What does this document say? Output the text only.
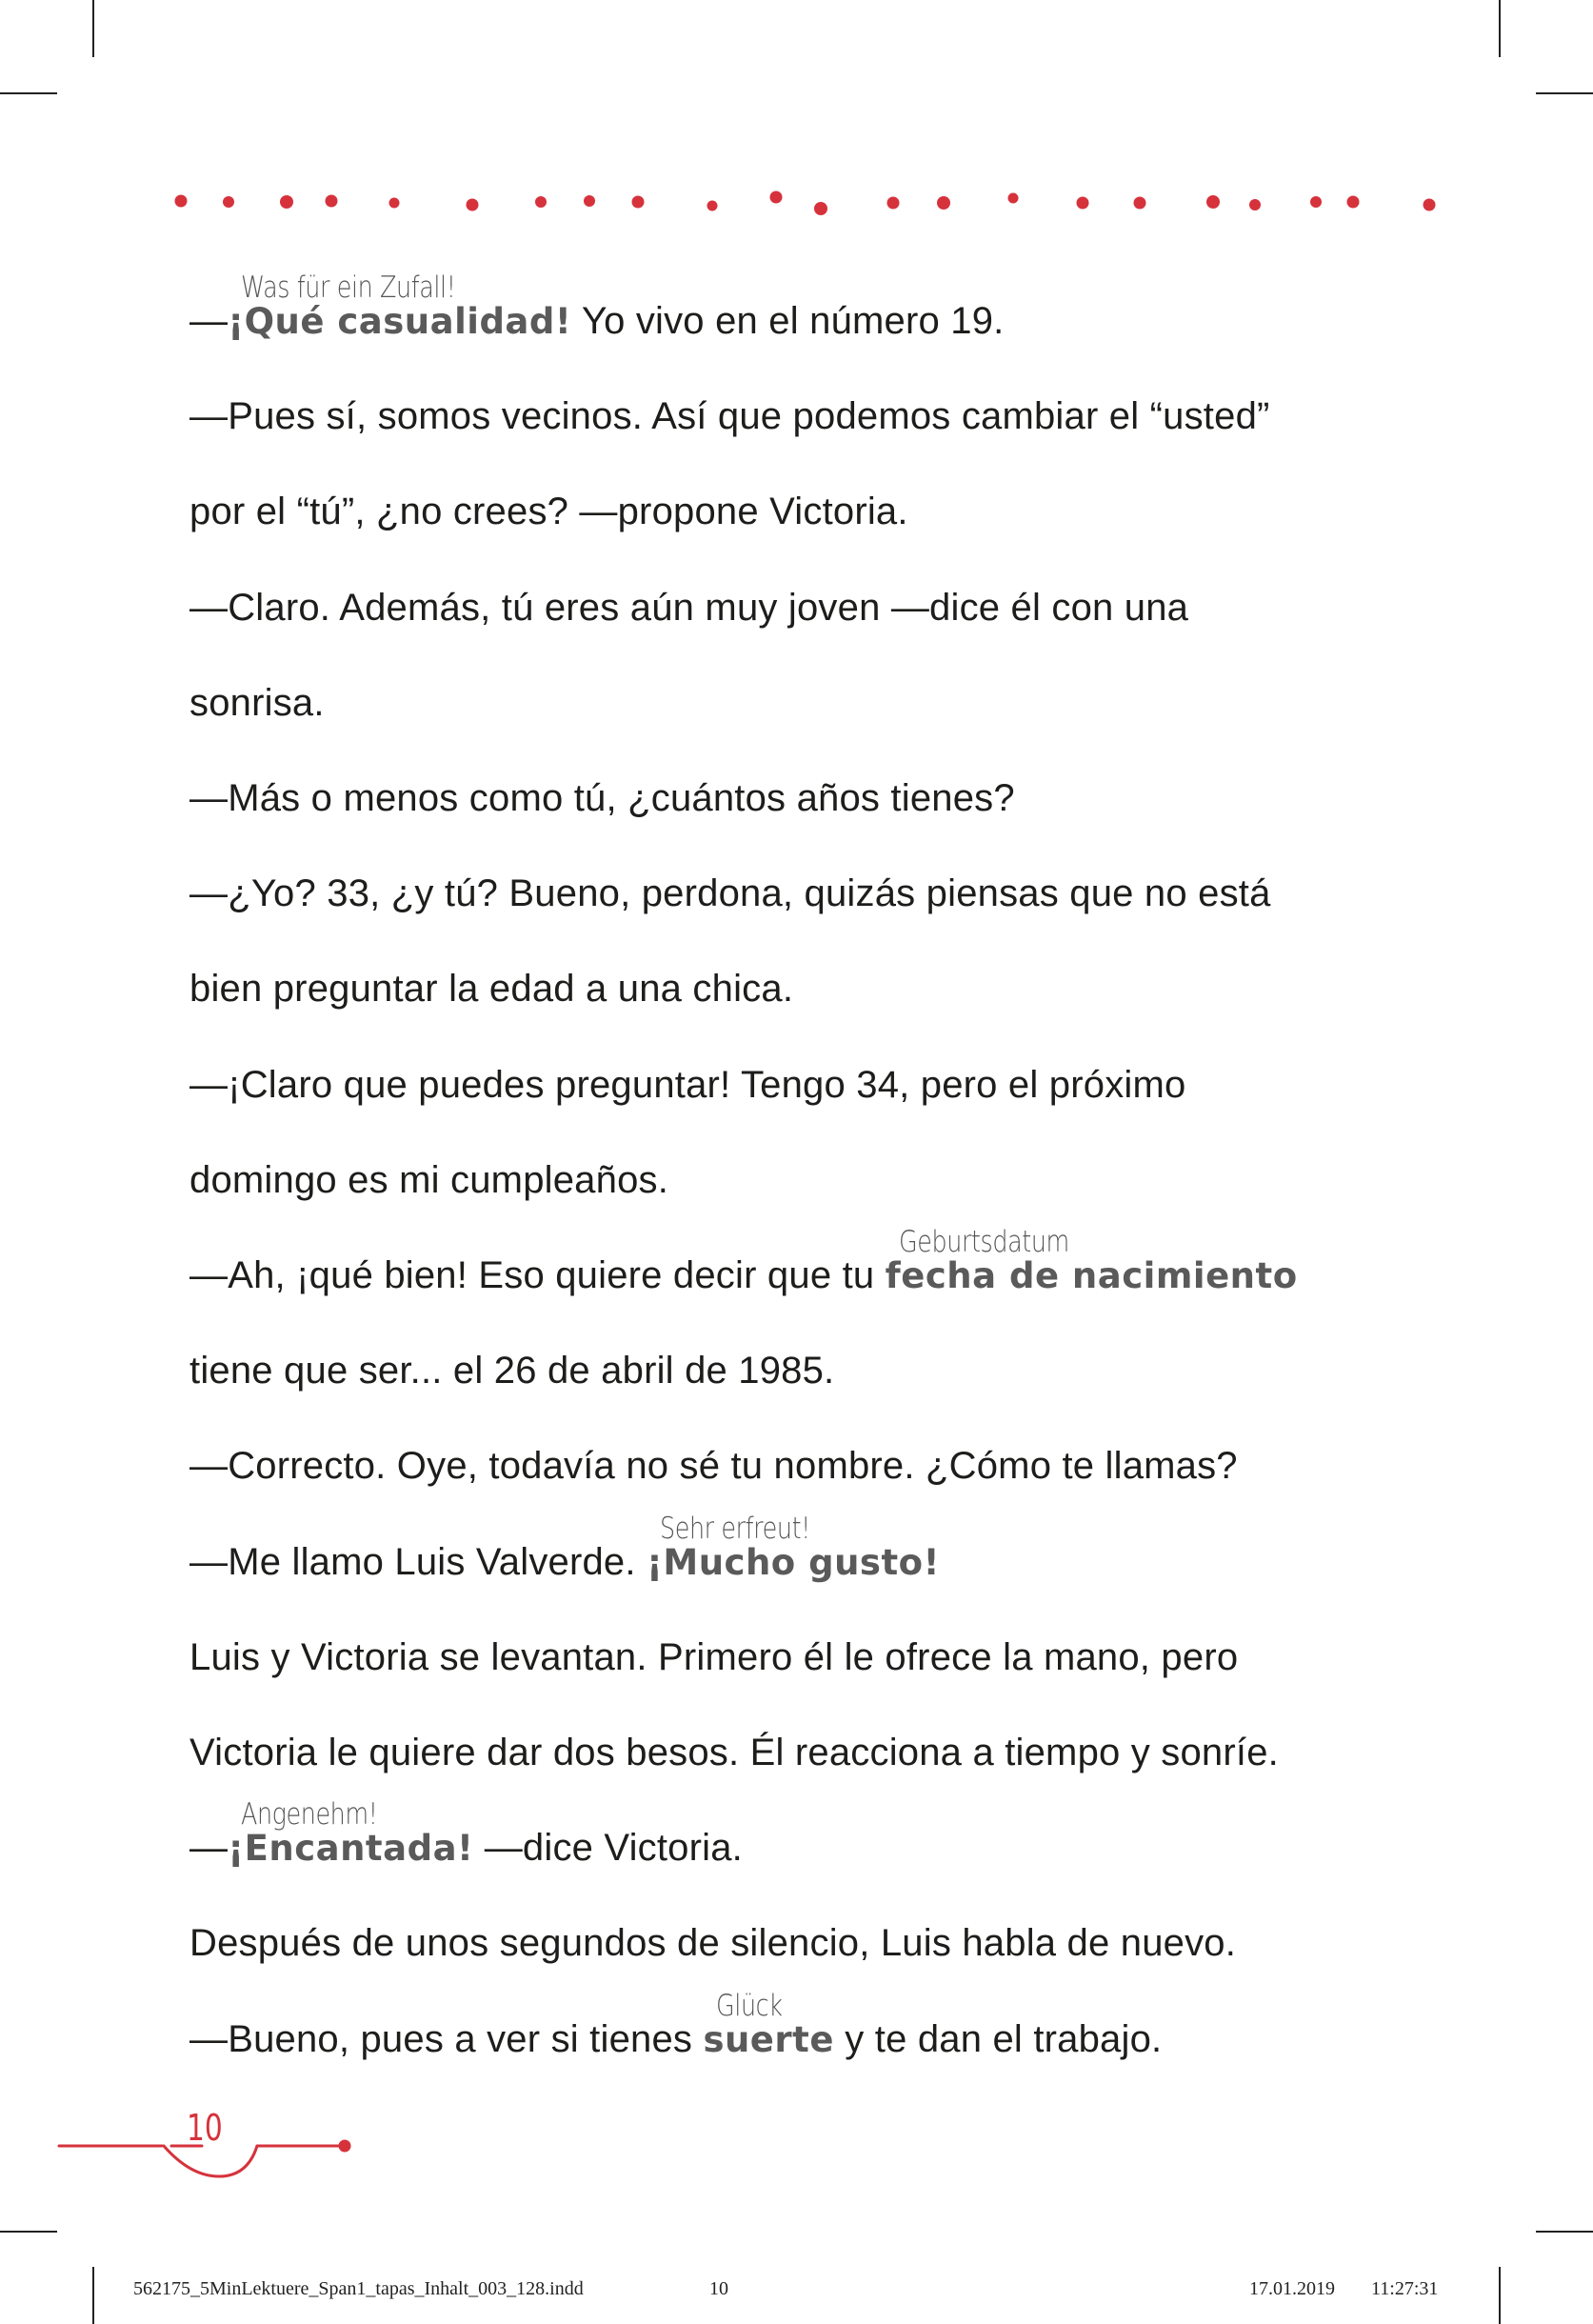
—¡Qué casualidad!
Was für ein Zufall!
Yo vivo en el número 19.
—Pues sí, somos vecinos. Así que podemos cambiar el “usted”
por el “tú”, ¿no crees? —propone Victoria.
—Claro. Además, tú eres aún muy joven —dice él con una
sonrisa.
—Más o menos como tú, ¿cuántos años tienes?
—¿Yo? 33, ¿y tú? Bueno, perdona, quizás piensas que no está
bien preguntar la edad a una chica.
—¡Claro que puedes preguntar! Tengo 34, pero el próximo
domingo es mi cumpleaños.
—Ah, ¡qué bien! Eso quiere decir que tu fecha de nacimiento
Geburtsdatum
tiene que ser... el 26 de abril de 1985.
—Correcto. Oye, todavía no sé tu nombre. ¿Cómo te llamas?
—Me llamo Luis Valverde. ¡Mucho gusto!
Sehr erfreut!
Luis y Victoria se levantan. Primero él le ofrece la mano, pero
Victoria le quiere dar dos besos. Él reacciona a tiempo y sonríe.
—¡Encantada!
Angenehm!
—dice Victoria.
Después de unos segundos de silencio, Luis habla de nuevo.
—Bueno, pues a ver si tienes suerte
Glück
y te dan el trabajo.
10
562175_5MinLektuere_Span1_tapas_Inhalt_003_128.indd	10	17.01.2019 11:27:31
